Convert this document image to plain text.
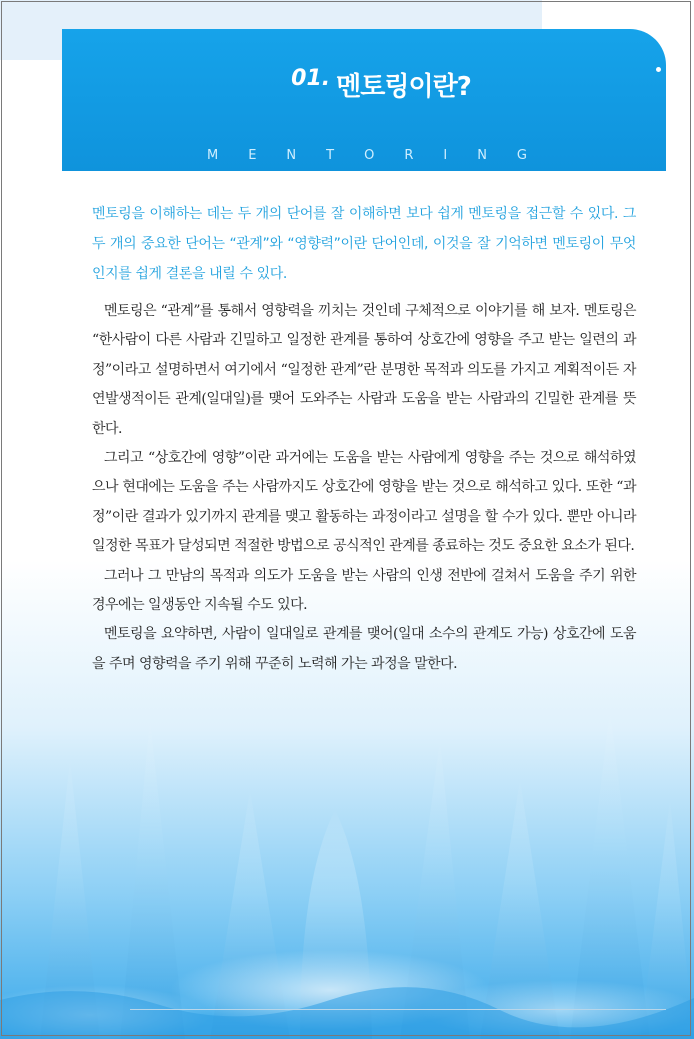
01. 멘토링이란?
MENTORING

멘토링을 이해하는 데는 두 개의 단어를 잘 이해하면 보다 쉽게 멘토링을 접근할 수 있다. 그 두 개의 중요한 단어는 “관계”와 “영향력”이란 단어인데, 이것을 잘 기억하면 멘토링이 무엇인지를 쉽게 결론을 내릴 수 있다.

멘토링은 “관계”를 통해서 영향력을 끼치는 것인데 구체적으로 이야기를 해 보자. 멘토링은 “한사람이 다른 사람과 긴밀하고 일정한 관계를 통하여 상호간에 영향을 주고 받는 일련의 과정”이라고 설명하면서 여기에서 “일정한 관계”란 분명한 목적과 의도를 가지고 계획적이든 자연발생적이든 관계(일대일)를 맺어 도와주는 사람과 도움을 받는 사람과의 긴밀한 관계를 뜻한다.

그리고 “상호간에 영향”이란 과거에는 도움을 받는 사람에게 영향을 주는 것으로 해석하였으나 현대에는 도움을 주는 사람까지도 상호간에 영향을 받는 것으로 해석하고 있다. 또한 “과정”이란 결과가 있기까지 관계를 맺고 활동하는 과정이라고 설명을 할 수가 있다. 뿐만 아니라 일정한 목표가 달성되면 적절한 방법으로 공식적인 관계를 종료하는 것도 중요한 요소가 된다.

그러나 그 만남의 목적과 의도가 도움을 받는 사람의 인생 전반에 걸쳐서 도움을 주기 위한 경우에는 일생동안 지속될 수도 있다.

멘토링을 요약하면, 사람이 일대일로 관계를 맺어(일대 소수의 관계도 가능) 상호간에 도움을 주며 영향력을 주기 위해 꾸준히 노력해 가는 과정을 말한다.
